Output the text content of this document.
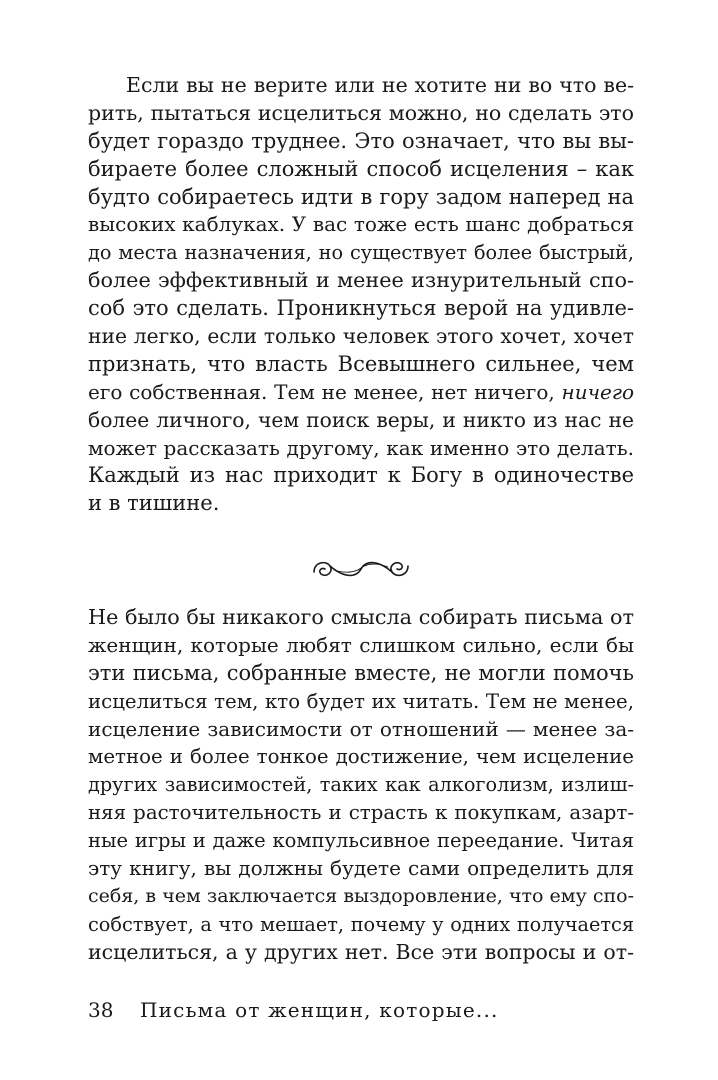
Если вы не верите или не хотите ни во что ве-
рить, пытаться исцелиться можно, но сделать это
будет гораздо труднее. Это означает, что вы вы-
бираете более сложный способ исцеления – как
будто собираетесь идти в гору задом наперед на
высоких каблуках. У вас тоже есть шанс добраться
до места назначения, но существует более быстрый,
более эффективный и менее изнурительный спо-
соб это сделать. Проникнуться верой на удивле-
ние легко, если только человек этого хочет, хочет
признать, что власть Всевышнего сильнее, чем
его собственная. Тем не менее, нет ничего, ничего
более личного, чем поиск веры, и никто из нас не
может рассказать другому, как именно это делать.
Каждый из нас приходит к Богу в одиночестве
и в тишине.
Не было бы никакого смысла собирать письма от
женщин, которые любят слишком сильно, если бы
эти письма, собранные вместе, не могли помочь
исцелиться тем, кто будет их читать. Тем не менее,
исцеление зависимости от отношений — менее за-
метное и более тонкое достижение, чем исцеление
других зависимостей, таких как алкоголизм, излиш-
няя расточительность и страсть к покупкам, азарт-
ные игры и даже компульсивное переедание. Читая
эту книгу, вы должны будете сами определить для
себя, в чем заключается выздоровление, что ему спо-
собствует, а что мешает, почему у одних получается
исцелиться, а у других нет. Все эти вопросы и от-
38 Письма от женщин, которые...
